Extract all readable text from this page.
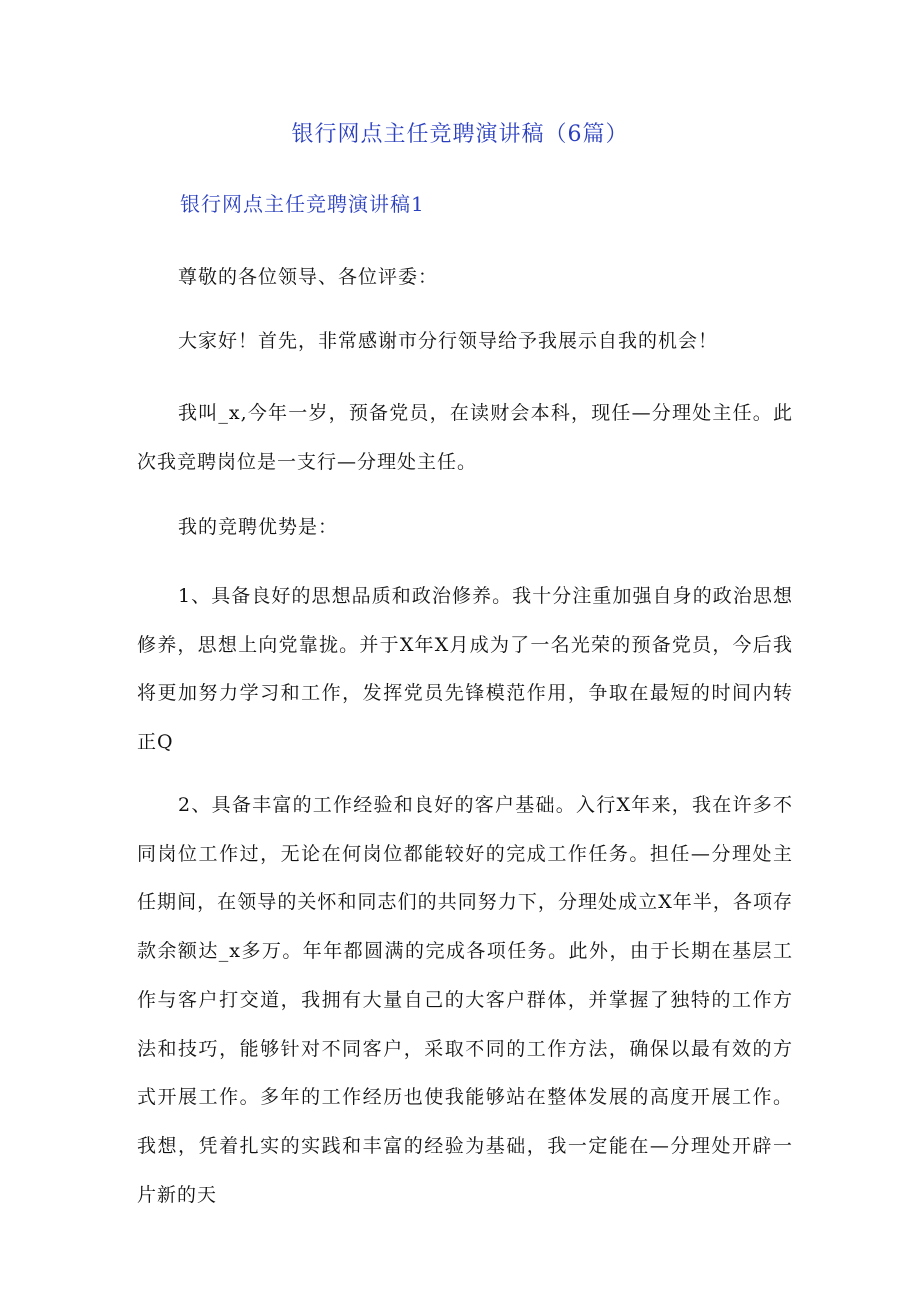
银行网点主任竞聘演讲稿（6篇）
银行网点主任竞聘演讲稿1

尊敬的各位领导、各位评委：

大家好！首先，非常感谢市分行领导给予我展示自我的机会！

我叫_x,今年一岁，预备党员，在读财会本科，现任—分理处主任。此次我竞聘岗位是一支行—分理处主任。

我的竞聘优势是：

1、具备良好的思想品质和政治修养。我十分注重加强自身的政治思想修养，思想上向党靠拢。并于X年X月成为了一名光荣的预备党员，今后我将更加努力学习和工作，发挥党员先锋模范作用，争取在最短的时间内转正Q

2、具备丰富的工作经验和良好的客户基础。入行X年来，我在许多不同岗位工作过，无论在何岗位都能较好的完成工作任务。担任—分理处主任期间，在领导的关怀和同志们的共同努力下，分理处成立X年半，各项存款余额达_x多万。年年都圆满的完成各项任务。此外，由于长期在基层工作与客户打交道，我拥有大量自己的大客户群体，并掌握了独特的工作方法和技巧，能够针对不同客户，采取不同的工作方法，确保以最有效的方式开展工作。多年的工作经历也使我能够站在整体发展的高度开展工作。我想，凭着扎实的实践和丰富的经验为基础，我一定能在—分理处开辟一片新的天
